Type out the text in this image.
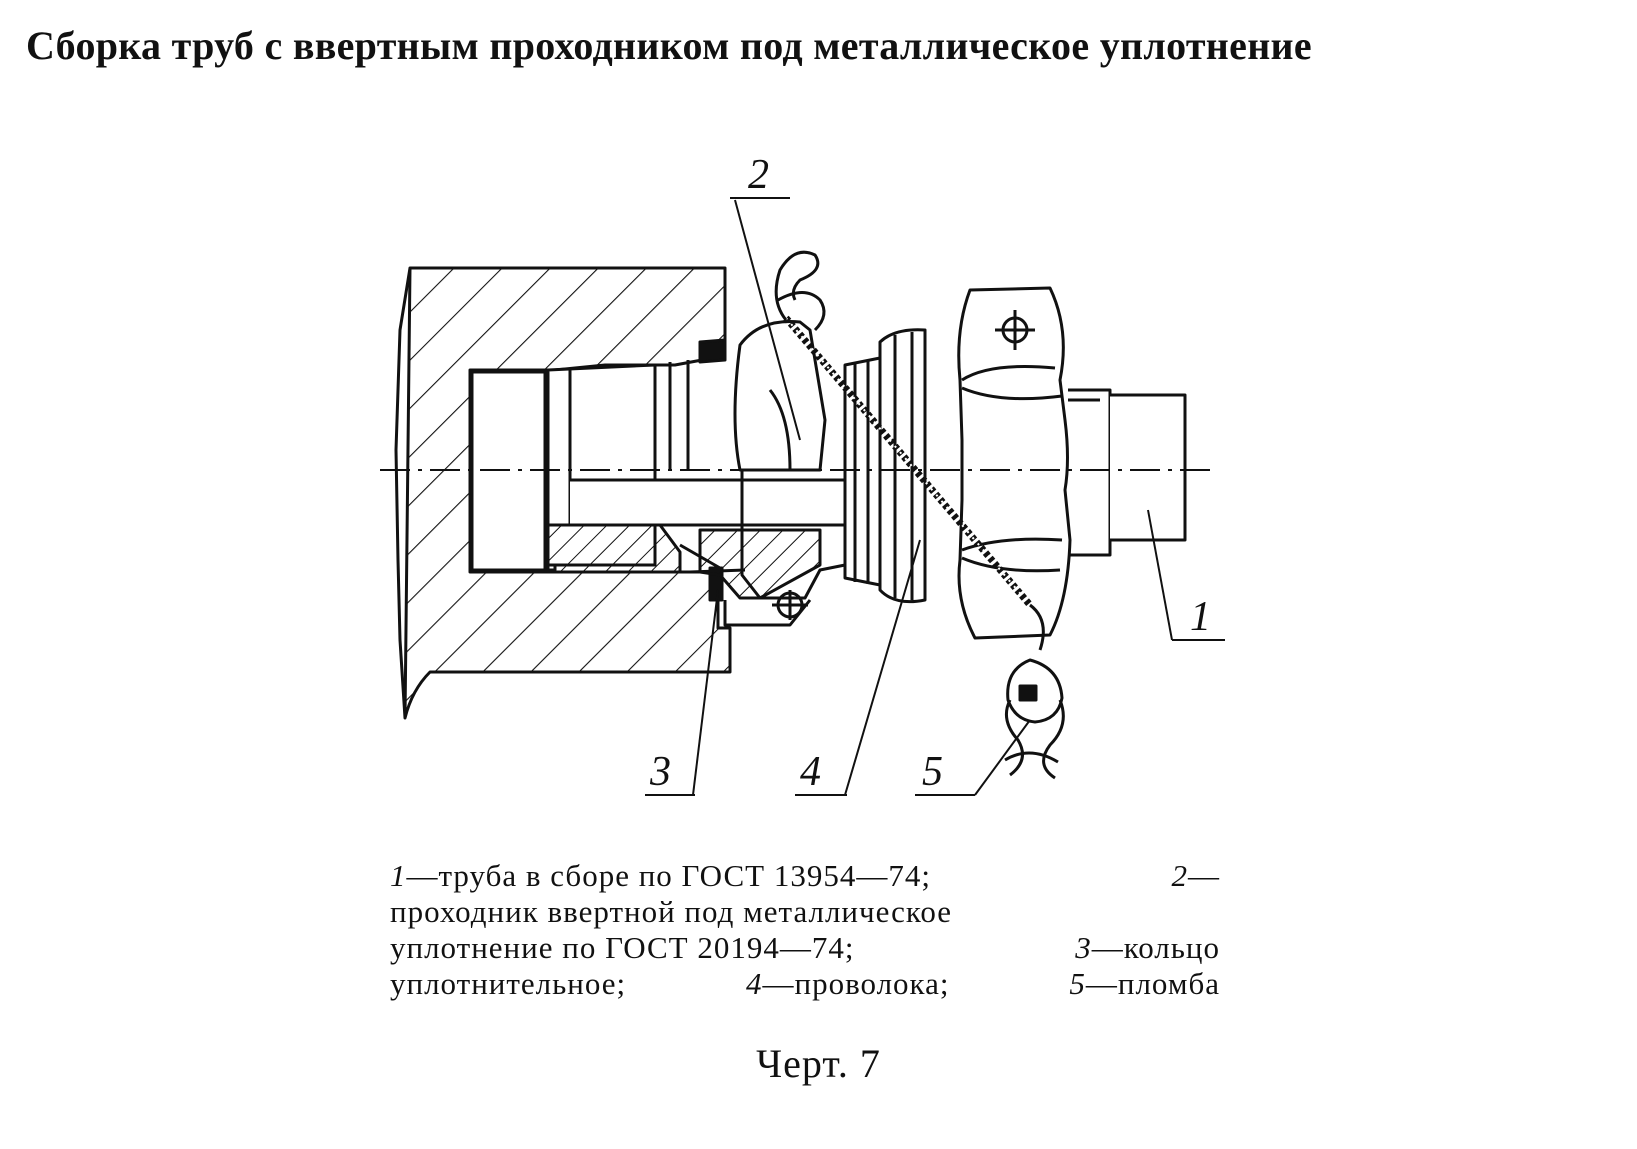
Сборка труб с ввертным проходником под металлическое уплотнение
2
1
3	4 5
1—труба в сборе по ГОСТ 13954—74;	2—
проходник ввертной под металлическое
уплотнение по ГОСТ 20194—74;	3—кольцо
уплотнительное;	4—проволока;	5—пломба
Черт. 7
